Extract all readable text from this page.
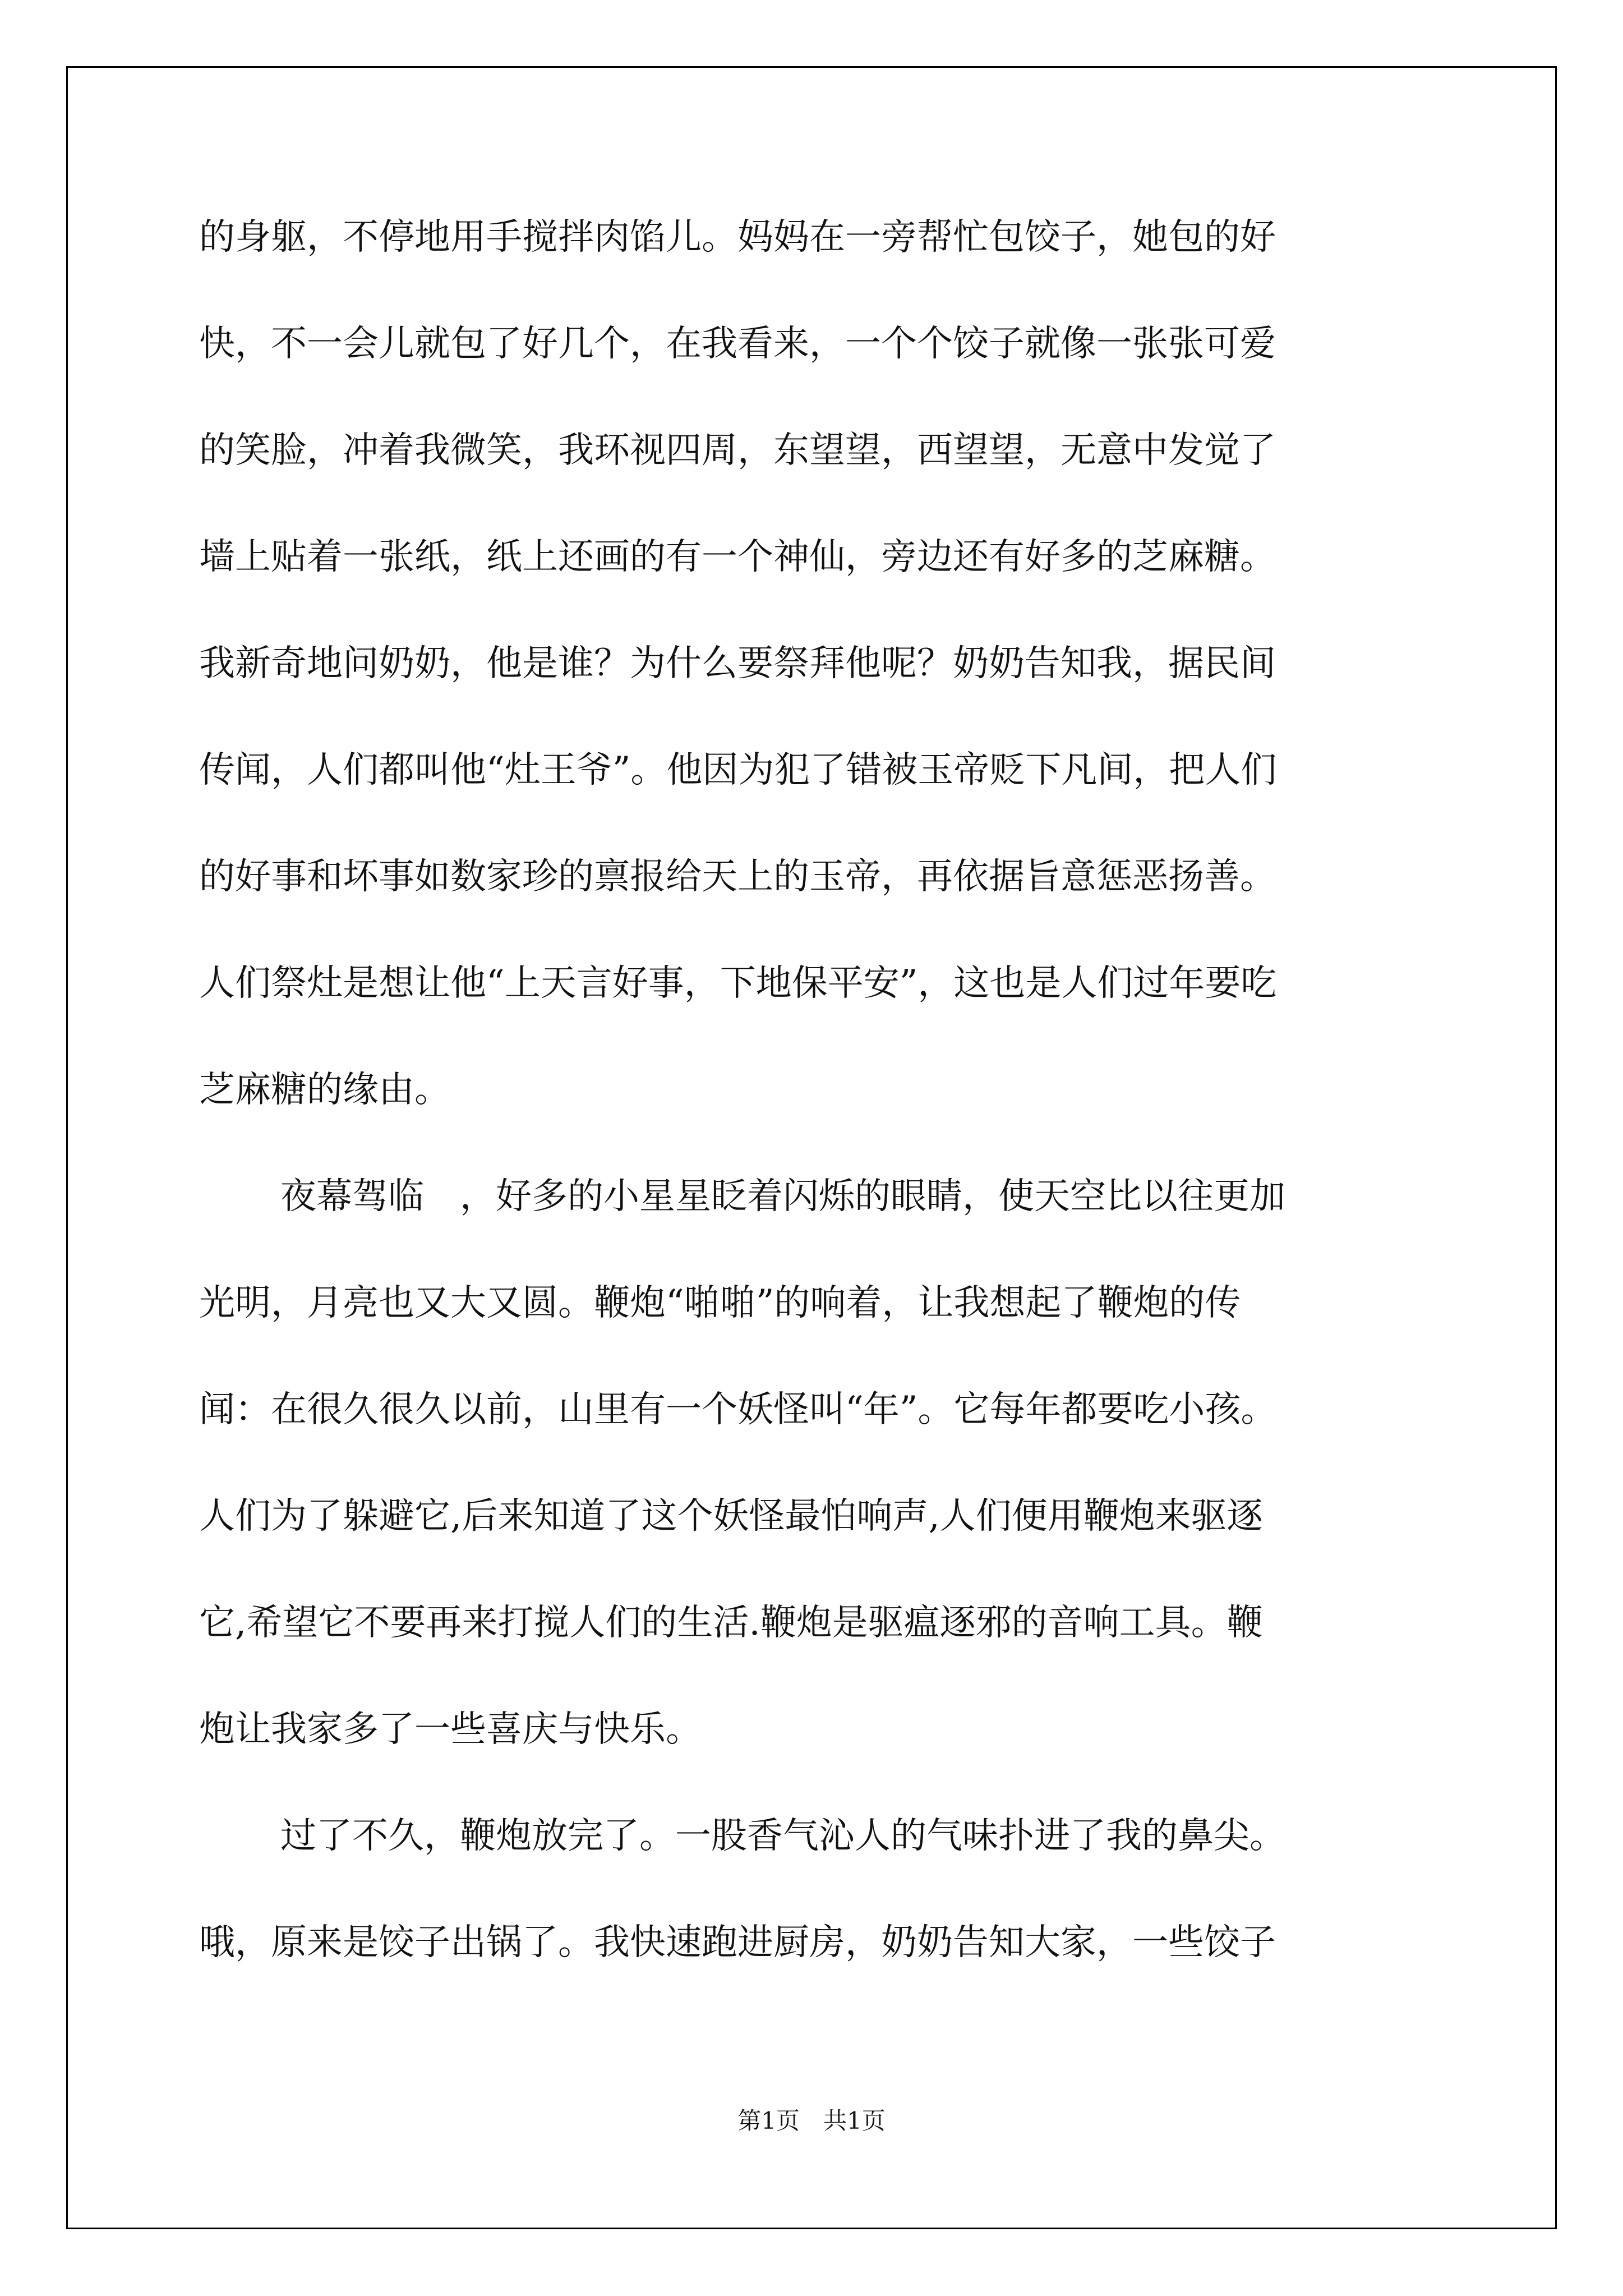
的身躯，不停地用手搅拌肉馅儿。妈妈在一旁帮忙包饺子，她包的好
快，不一会儿就包了好几个，在我看来，一个个饺子就像一张张可爱
的笑脸，冲着我微笑，我环视四周，东望望，西望望，无意中发觉了
墙上贴着一张纸，纸上还画的有一个神仙，旁边还有好多的芝麻糖。
我新奇地问奶奶，他是谁？为什么要祭拜他呢？奶奶告知我，据民间
传闻，人们都叫他“灶王爷”。他因为犯了错被玉帝贬下凡间，把人们
的好事和坏事如数家珍的禀报给天上的玉帝，再依据旨意惩恶扬善。
人们祭灶是想让他“上天言好事，下地保平安”，这也是人们过年要吃
芝麻糖的缘由。
夜幕驾临　，好多的小星星眨着闪烁的眼睛，使天空比以往更加
光明，月亮也又大又圆。鞭炮“啪啪”的响着，让我想起了鞭炮的传
闻：在很久很久以前，山里有一个妖怪叫“年”。它每年都要吃小孩。
人们为了躲避它,后来知道了这个妖怪最怕响声,人们便用鞭炮来驱逐
它,希望它不要再来打搅人们的生活.鞭炮是驱瘟逐邪的音响工具。鞭
炮让我家多了一些喜庆与快乐。
过了不久，鞭炮放完了。一股香气沁人的气味扑进了我的鼻尖。
哦，原来是饺子出锅了。我快速跑进厨房，奶奶告知大家，一些饺子
第1页 共1页
